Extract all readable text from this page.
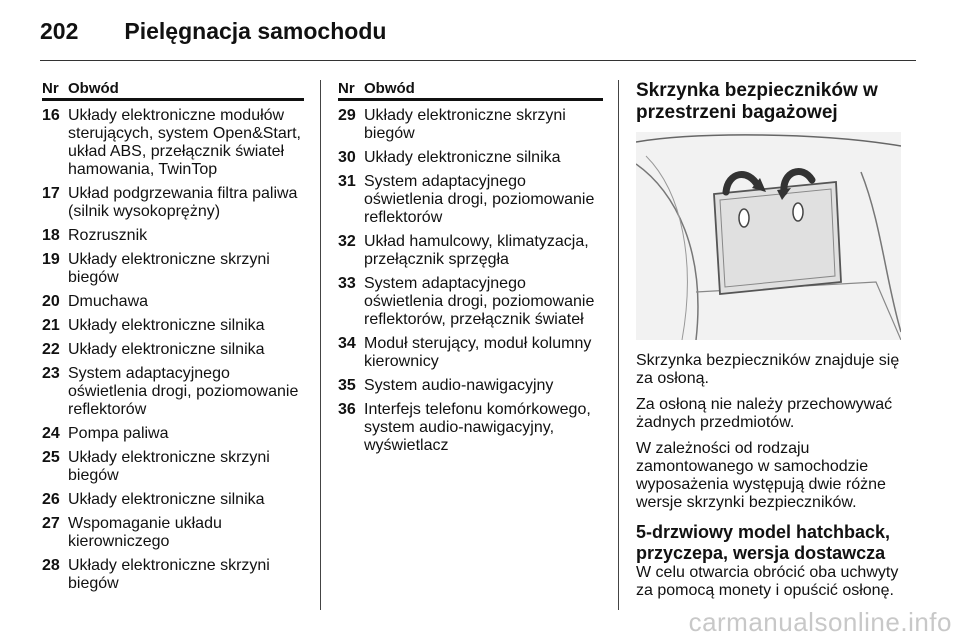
202 Pielęgnacja samochodu
Nr Obwód
16 Układy elektroniczne modułów sterujących, system Open&Start, układ ABS, przełącznik świateł hamowania, TwinTop
17 Układ podgrzewania filtra paliwa (silnik wysokoprężny)
18 Rozrusznik
19 Układy elektroniczne skrzyni biegów
20 Dmuchawa
21 Układy elektroniczne silnika
22 Układy elektroniczne silnika
23 System adaptacyjnego oświetlenia drogi, poziomowanie reflektorów
24 Pompa paliwa
25 Układy elektroniczne skrzyni biegów
26 Układy elektroniczne silnika
27 Wspomaganie układu kierowniczego
28 Układy elektroniczne skrzyni biegów
Nr Obwód
29 Układy elektroniczne skrzyni biegów
30 Układy elektroniczne silnika
31 System adaptacyjnego oświetlenia drogi, poziomowanie reflektorów
32 Układ hamulcowy, klimatyzacja, przełącznik sprzęgła
33 System adaptacyjnego oświetlenia drogi, poziomowanie reflektorów, przełącznik świateł
34 Moduł sterujący, moduł kolumny kierownicy
35 System audio-nawigacyjny
36 Interfejs telefonu komórkowego, system audio-nawigacyjny, wyświetlacz
Skrzynka bezpieczników w przestrzeni bagażowej
Skrzynka bezpieczników znajduje się za osłoną.
Za osłoną nie należy przechowywać żadnych przedmiotów.
W zależności od rodzaju zamontowanego w samochodzie wyposażenia występują dwie różne wersje skrzynki bezpieczników.
5-drzwiowy model hatchback, przyczepa, wersja dostawcza
W celu otwarcia obrócić oba uchwyty za pomocą monety i opuścić osłonę.
carmanualsonline.info
